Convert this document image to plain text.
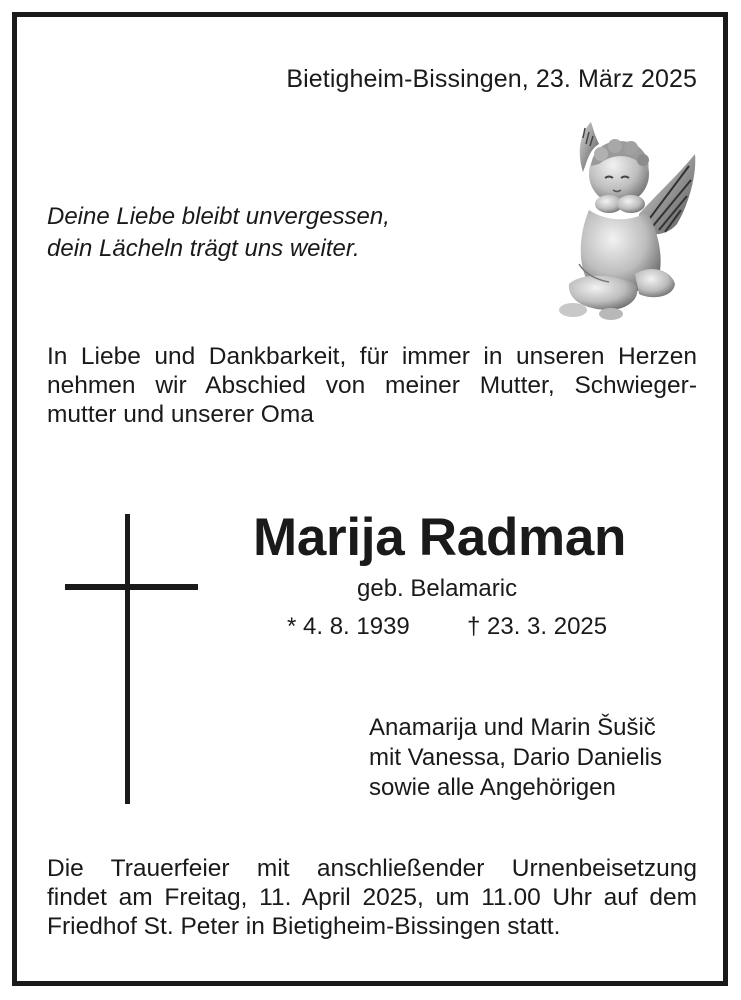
Bietigheim-Bissingen, 23. März 2025
Deine Liebe bleibt unvergessen,
dein Lächeln trägt uns weiter.
In Liebe und Dankbarkeit, für immer in unseren Herzen
nehmen wir Abschied von meiner Mutter, Schwieger-
mutter und unserer Oma
Marija Radman
geb. Belamaric
* 4. 8. 1939 † 23. 3. 2025
Anamarija und Marin Šušič
mit Vanessa, Dario Danielis
sowie alle Angehörigen
Die Trauerfeier mit anschließender Urnenbeisetzung
findet am Freitag, 11. April 2025, um 11.00 Uhr auf dem
Friedhof St. Peter in Bietigheim-Bissingen statt.
